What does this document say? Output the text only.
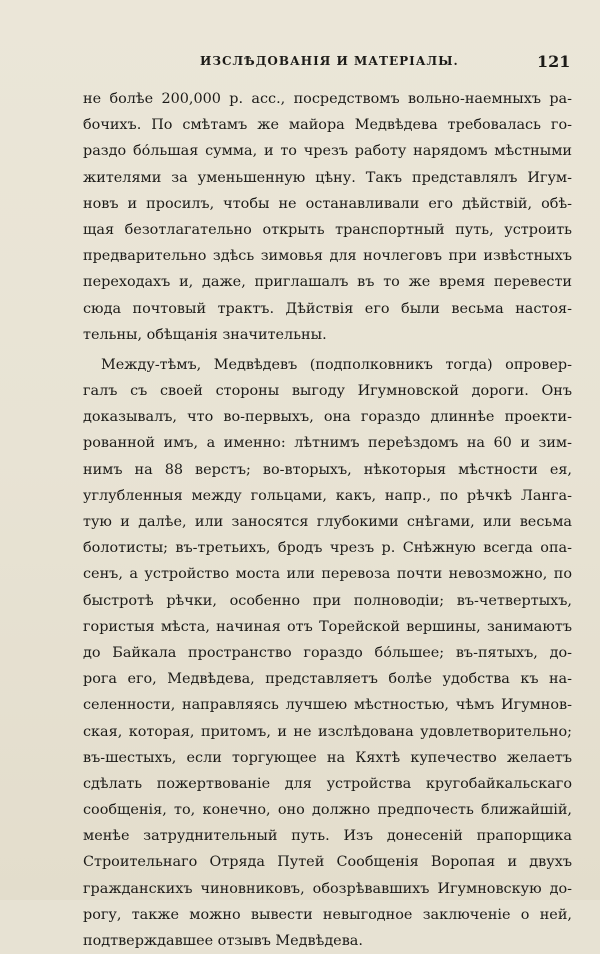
ИЗСЛѢДОВАНІЯ И МАТЕРІАЛЫ.	121
не болѣе 200,000 р. асс., посредствомъ вольно-наемныхъ ра-
бочихъ. По смѣтамъ же майора Медвѣдева требовалась го-
раздо бо́льшая сумма, и то чрезъ работу нарядомъ мѣстными
жителями за уменьшенную цѣну. Такъ представлялъ Игум-
новъ и просилъ, чтобы не останавливали его дѣйствій, обѣ-
щая безотлагательно открыть транспортный путь, устроить
предварительно здѣсь зимовья для ночлеговъ при извѣстныхъ
переходахъ и, даже, приглашалъ въ то же время перевести
сюда почтовый трактъ. Дѣйствія его были весьма настоя-
тельны, обѣщанія значительны.
Между-тѣмъ, Медвѣдевъ (подполковникъ тогда) опровер-
галъ съ своей стороны выгоду Игумновской дороги. Онъ
доказывалъ, что во-первыхъ, она гораздо длиннѣе проекти-
рованной имъ, а именно: лѣтнимъ переѣздомъ на 60 и зим-
нимъ на 88 верстъ; во-вторыхъ, нѣкоторыя мѣстности ея,
углубленныя между гольцами, какъ, напр., по рѣчкѣ Ланга-
тую и далѣе, или заносятся глубокими снѣгами, или весьма
болотисты; въ-третьихъ, бродъ чрезъ р. Снѣжную всегда опа-
сенъ, а устройство моста или перевоза почти невозможно, по
быстротѣ рѣчки, особенно при полноводіи; въ-четвертыхъ,
гористыя мѣста, начиная отъ Торейской вершины, занимаютъ
до Байкала пространство гораздо бо́льшее; въ-пятыхъ, до-
рога его, Медвѣдева, представляетъ болѣе удобства къ на-
селенности, направляясь лучшею мѣстностью, чѣмъ Игумнов-
ская, которая, притомъ, и не изслѣдована удовлетворительно;
въ-шестыхъ, если торгующее на Кяхтѣ купечество желаетъ
сдѣлать пожертвованіе для устройства кругобайкальскаго
сообщенія, то, конечно, оно должно предпочесть ближайшій,
менѣе затруднительный путь. Изъ донесеній прапорщика
Строительнаго Отряда Путей Сообщенія Воропая и двухъ
гражданскихъ чиновниковъ, обозрѣвавшихъ Игумновскую до-
рогу, также можно вывести невыгодное заключеніе о ней,
подтверждавшее отзывъ Медвѣдева.
